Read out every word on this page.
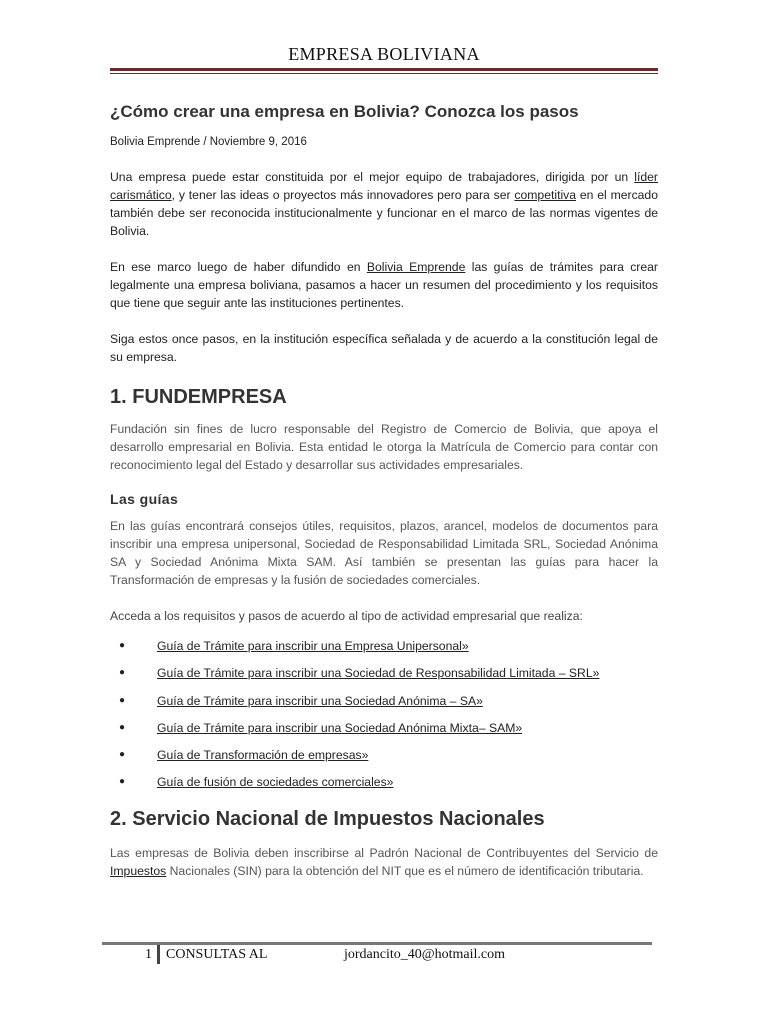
EMPRESA BOLIVIANA
¿Cómo crear una empresa en Bolivia? Conozca los pasos

Bolivia Emprende / Noviembre 9, 2016

Una empresa puede estar constituida por el mejor equipo de trabajadores, dirigida por un líder carismático, y tener las ideas o proyectos más innovadores pero para ser competitiva en el mercado también debe ser reconocida institucionalmente y funcionar en el marco de las normas vigentes de Bolivia.

En ese marco luego de haber difundido en Bolivia Emprende las guías de trámites para crear legalmente una empresa boliviana, pasamos a hacer un resumen del procedimiento y los requisitos que tiene que seguir ante las instituciones pertinentes.

Siga estos once pasos, en la institución específica señalada y de acuerdo a la constitución legal de su empresa.

1. FUNDEMPRESA

Fundación sin fines de lucro responsable del Registro de Comercio de Bolivia, que apoya el desarrollo empresarial en Bolivia. Esta entidad le otorga la Matrícula de Comercio para contar con reconocimiento legal del Estado y desarrollar sus actividades empresariales.

Las guías

En las guías encontrará consejos útiles, requisitos, plazos, arancel, modelos de documentos para inscribir una empresa unipersonal, Sociedad de Responsabilidad Limitada SRL, Sociedad Anónima SA y Sociedad Anónima Mixta SAM. Así también se presentan las guías para hacer la Transformación de empresas y la fusión de sociedades comerciales.

Acceda a los requisitos y pasos de acuerdo al tipo de actividad empresarial que realiza:

●	Guía de Trámite para inscribir una Empresa Unipersonal»
●	Guía de Trámite para inscribir una Sociedad de Responsabilidad Limitada – SRL»
●	Guía de Trámite para inscribir una Sociedad Anónima – SA»
●	Guía de Trámite para inscribir una Sociedad Anónima Mixta– SAM»
●	Guía de Transformación de empresas»
●	Guía de fusión de sociedades comerciales»
2. Servicio Nacional de Impuestos Nacionales

Las empresas de Bolivia deben inscribirse al Padrón Nacional de Contribuyentes del Servicio de Impuestos Nacionales (SIN) para la obtención del NIT que es el número de identificación tributaria.

1 CONSULTAS AL	jordancito_40@hotmail.com
